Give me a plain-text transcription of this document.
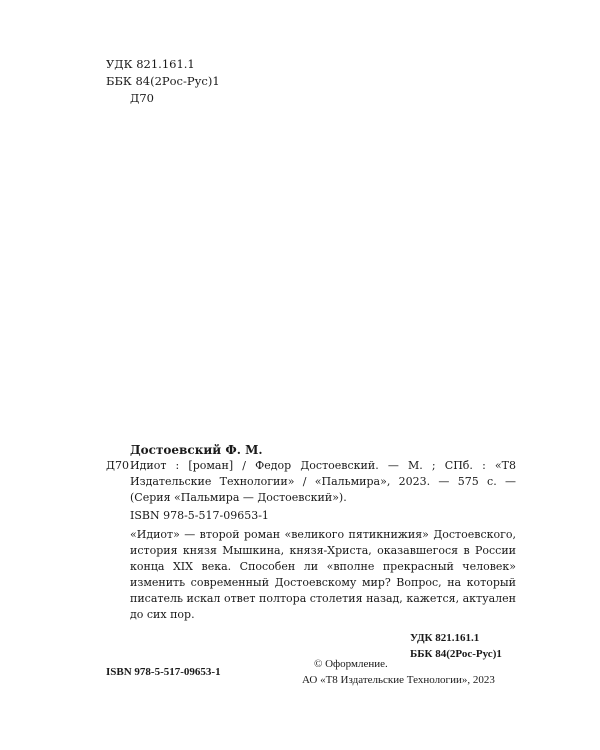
УДК 821.161.1
ББК 84(2Рос-Рус)1
Д70
Достоевский Ф. М.
Д70 Идиот : [роман] / Федор Достоевский. — М. ; СПб. : «Т8 Издательские Технологии» / «Пальмира», 2023. — 575 с. — (Серия «Пальмира — Достоевский»).
ISBN 978-5-517-09653-1
«Идиот» — второй роман «великого пятикнижия» Достоевского, история князя Мышкина, князя-Христа, оказавшегося в России конца XIX века. Способен ли «вполне прекрасный человек» изменить современный Достоевскому мир? Вопрос, на который писатель искал ответ полтора столетия назад, кажется, актуален до сих пор.
УДК 821.161.1
ББК 84(2Рос-Рус)1
ISBN 978-5-517-09653-1
© Оформление.
АО «Т8 Издательские Технологии», 2023
